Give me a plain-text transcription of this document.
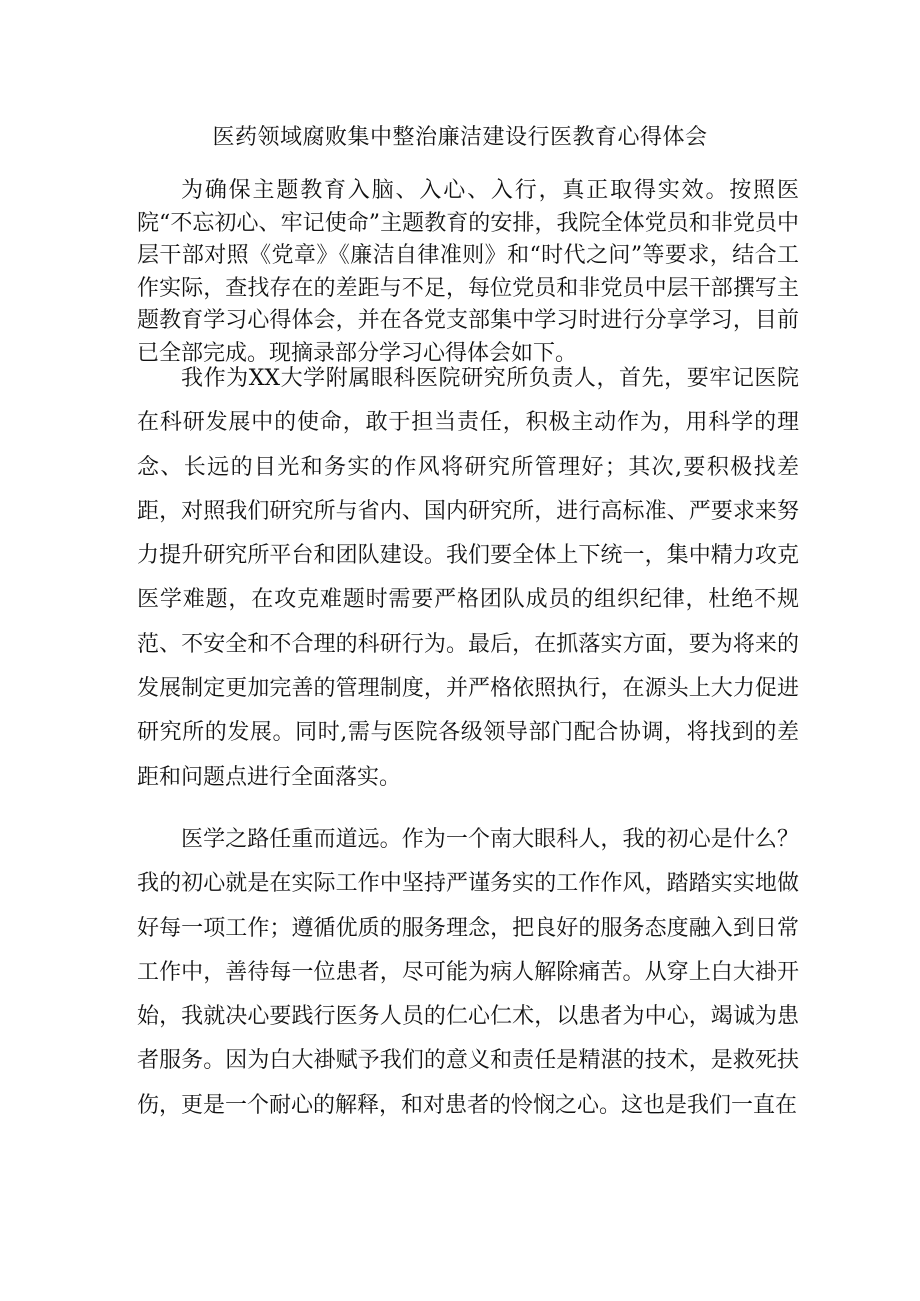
医药领域腐败集中整治廉洁建设行医教育心得体会

为确保主题教育入脑、入心、入行，真正取得实效。按照医院“不忘初心、牢记使命”主题教育的安排，我院全体党员和非党员中层干部对照《党章》《廉洁自律准则》和“时代之问”等要求，结合工作实际，查找存在的差距与不足，每位党员和非党员中层干部撰写主题教育学习心得体会，并在各党支部集中学习时进行分享学习，目前已全部完成。现摘录部分学习心得体会如下。

我作为XX大学附属眼科医院研究所负责人，首先，要牢记医院在科研发展中的使命，敢于担当责任，积极主动作为，用科学的理念、长远的目光和务实的作风将研究所管理好；其次,要积极找差距，对照我们研究所与省内、国内研究所，进行高标准、严要求来努力提升研究所平台和团队建设。我们要全体上下统一，集中精力攻克医学难题，在攻克难题时需要严格团队成员的组织纪律，杜绝不规范、不安全和不合理的科研行为。最后，在抓落实方面，要为将来的发展制定更加完善的管理制度，并严格依照执行，在源头上大力促进研究所的发展。同时,需与医院各级领导部门配合协调，将找到的差距和问题点进行全面落实。

医学之路任重而道远。作为一个南大眼科人，我的初心是什么？我的初心就是在实际工作中坚持严谨务实的工作作风，踏踏实实地做好每一项工作；遵循优质的服务理念，把良好的服务态度融入到日常工作中，善待每一位患者，尽可能为病人解除痛苦。从穿上白大褂开始，我就决心要践行医务人员的仁心仁术，以患者为中心，竭诚为患者服务。因为白大褂赋予我们的意义和责任是精湛的技术，是救死扶伤，更是一个耐心的解释，和对患者的怜悯之心。这也是我们一直在
